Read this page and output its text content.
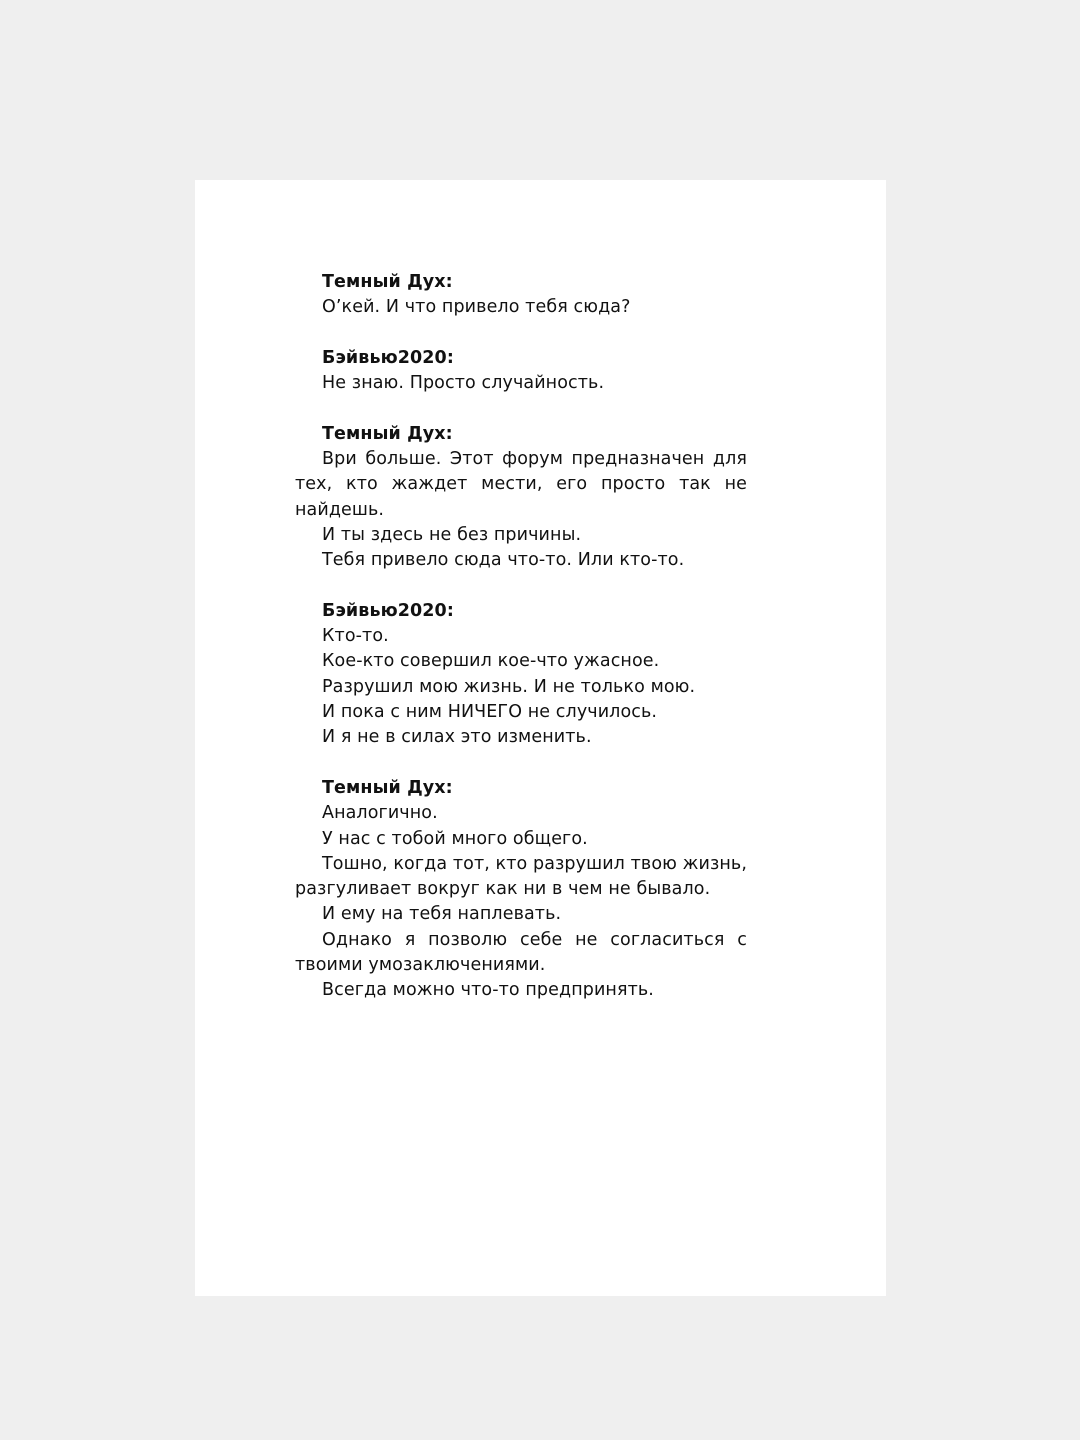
Темный Дух:

О’кей. И что привело тебя сюда?

Бэйвью2020:

Не знаю. Просто случайность.

Темный Дух:

Ври больше. Этот форум предназначен для тех, кто жаждет мести, его просто так не найдешь.

И ты здесь не без причины.

Тебя привело сюда что-то. Или кто-то.

Бэйвью2020:

Кто-то.

Кое-кто совершил кое-что ужасное.

Разрушил мою жизнь. И не только мою.

И пока с ним НИЧЕГО не случилось.

И я не в силах это изменить.

Темный Дух:

Аналогично.

У нас с тобой много общего.

Тошно, когда тот, кто разрушил твою жизнь, разгуливает вокруг как ни в чем не бывало.

И ему на тебя наплевать.

Однако я позволю себе не согласиться с твоими умозаключениями.

Всегда можно что-то предпринять.
